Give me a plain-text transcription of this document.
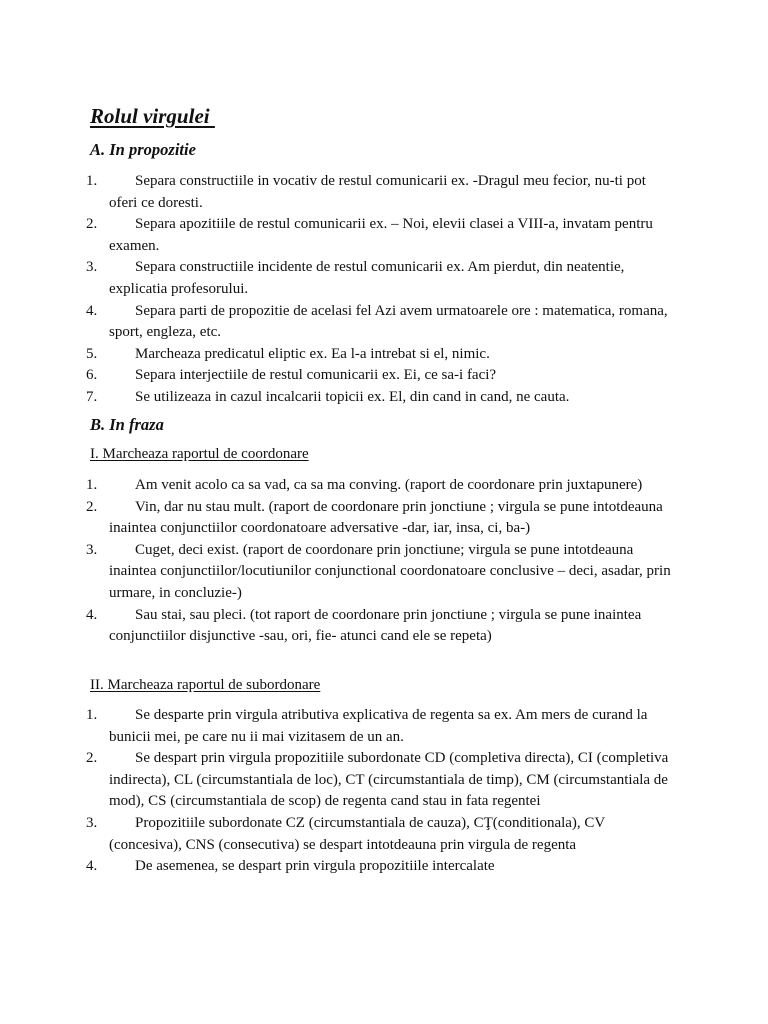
Rolul virgulei
A. In propozitie
1.	Separa constructiile in vocativ de restul comunicarii ex. -Dragul meu fecior, nu-ti pot oferi ce doresti.
2.	Separa apozitiile de restul comunicarii ex. – Noi, elevii clasei a VIII-a, invatam pentru examen.
3.	Separa constructiile incidente de restul comunicarii ex. Am pierdut, din neatentie, explicatia profesorului.
4.	Separa parti de propozitie de acelasi fel Azi avem urmatoarele ore : matematica, romana, sport, engleza, etc.
5.	Marcheaza predicatul eliptic ex. Ea l-a intrebat si el, nimic.
6.	Separa interjectiile de restul comunicarii ex. Ei, ce sa-i faci?
7.	Se utilizeaza in cazul incalcarii topicii ex. El, din cand in cand, ne cauta.
B. In fraza
I. Marcheaza raportul de coordonare
1.	Am venit acolo ca sa vad, ca sa ma conving. (raport de coordonare prin juxtapunere)
2.	Vin, dar nu stau mult. (raport de coordonare prin jonctiune ; virgula se pune intotdeauna inaintea conjunctiilor coordonatoare adversative -dar, iar, insa, ci, ba-)
3.	Cuget, deci exist. (raport de coordonare prin jonctiune; virgula se pune intotdeauna inaintea conjunctiilor/locutiunilor conjunctional coordonatoare conclusive – deci, asadar, prin urmare, in concluzie-)
4.	Sau stai, sau pleci. (tot raport de coordonare prin jonctiune ; virgula se pune inaintea conjunctiilor disjunctive -sau, ori, fie- atunci cand ele se repeta)
II. Marcheaza raportul de subordonare
1.	Se desparte prin virgula atributiva explicativa de regenta sa ex. Am mers de curand la bunicii mei, pe care nu ii mai vizitasem de un an.
2.	Se despart prin virgula propozitiile subordonate CD (completiva directa), CI (completiva indirecta), CL (circumstantiala de loc), CT (circumstantiala de timp), CM (circumstantiala de mod), CS (circumstantiala de scop) de regenta cand stau in fata regentei
3.	Propozitiile subordonate CZ (circumstantiala de cauza), CŢ(conditionala), CV (concesiva), CNS (consecutiva) se despart intotdeauna prin virgula de regenta
4.	De asemenea, se despart prin virgula propozitiile intercalate
